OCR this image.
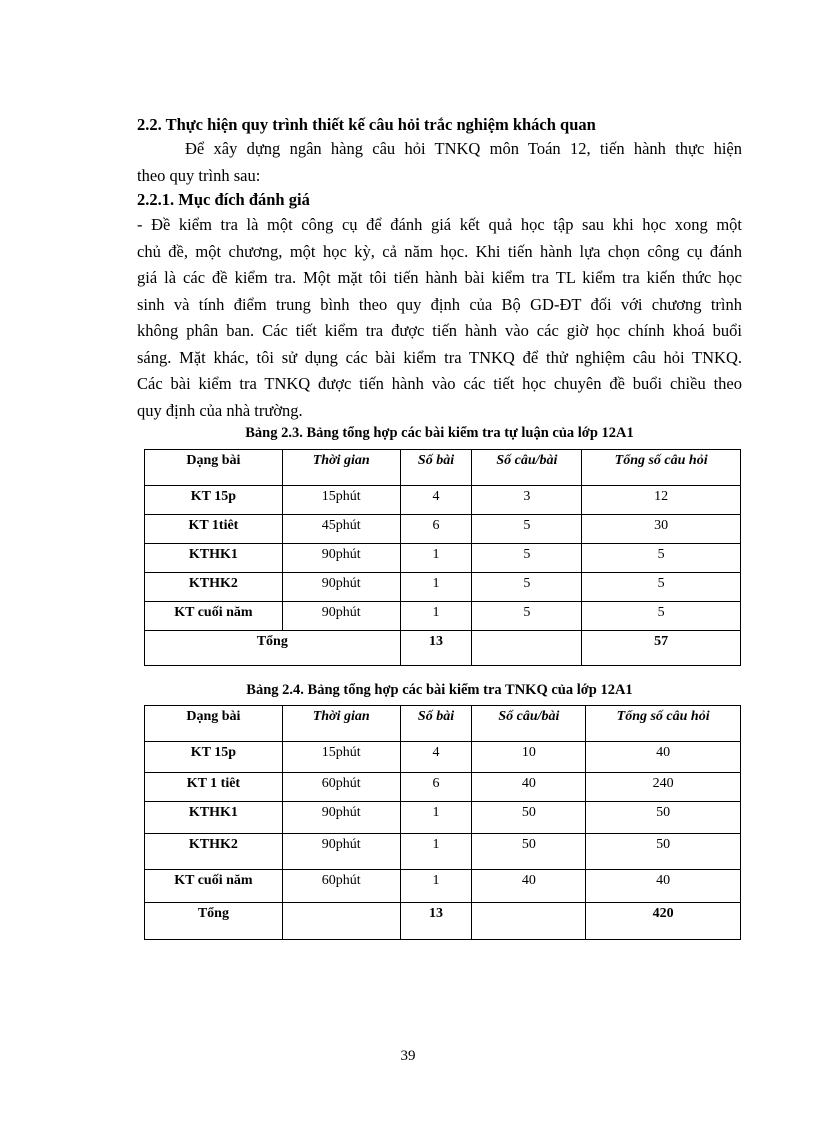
2.2. Thực hiện quy trình thiết kế câu hỏi trắc nghiệm khách quan
Để xây dựng ngân hàng câu hỏi TNKQ môn Toán 12, tiến hành thực hiện
theo quy trình sau:
2.2.1. Mục đích đánh giá
- Đề kiểm tra là một công cụ để đánh giá kết quả học tập sau khi học xong một
chủ đề, một chương, một học kỳ, cả năm học. Khi tiến hành lựa chọn công cụ đánh
giá là các đề kiểm tra. Một mặt tôi tiến hành bài kiểm tra TL kiểm tra kiến thức học
sinh và tính điểm trung bình theo quy định của Bộ GD-ĐT đối với chương trình
không phân ban. Các tiết kiểm tra được tiến hành vào các giờ học chính khoá buổi
sáng. Mặt khác, tôi sử dụng các bài kiểm tra TNKQ để thử nghiệm câu hỏi TNKQ.
Các bài kiểm tra TNKQ được tiến hành vào các tiết học chuyên đề buổi chiều theo
quy định của nhà trường.
Bảng 2.3. Bảng tổng hợp các bài kiểm tra tự luận của lớp 12A1
Dạng bài	Thời gian	Số bài	Số câu/bài	Tổng số câu hỏi
KT 15p	15phút	4	3	12
KT 1tiêt	45phút	6	5	30
KTHK1	90phút	1	5	5
KTHK2	90phút	1	5	5
KT cuối năm	90phút	1	5	5
Tổng		13		57
Bảng 2.4. Bảng tổng hợp các bài kiểm tra TNKQ của lớp 12A1
Dạng bài	Thời gian	Số bài	Số câu/bài	Tổng số câu hỏi
KT 15p	15phút	4	10	40
KT 1 tiêt	60phút	6	40	240
KTHK1	90phút	1	50	50
KTHK2	90phút	1	50	50
KT cuối năm	60phút	1	40	40
Tổng		13		420
39
